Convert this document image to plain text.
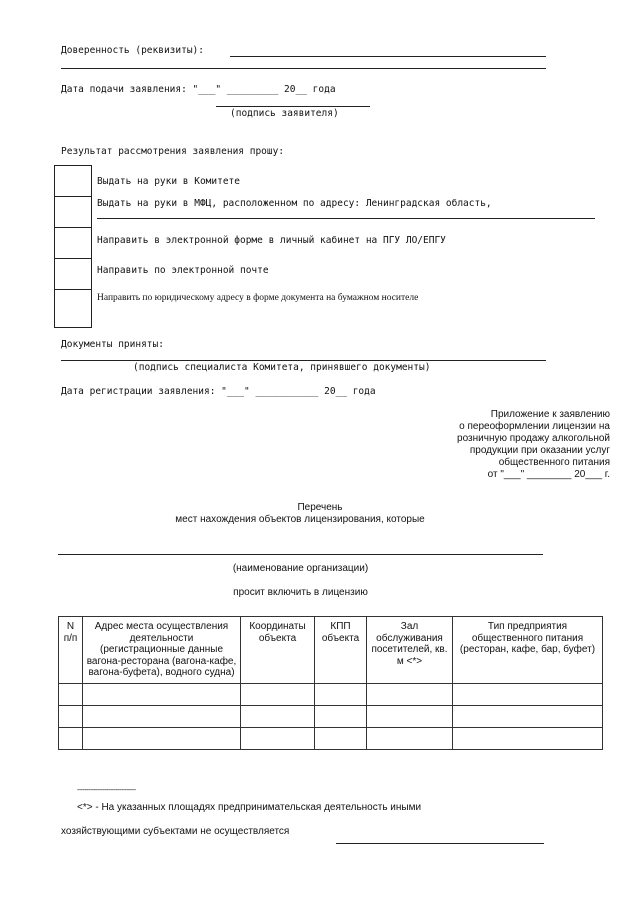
Доверенность (реквизиты):
Дата подачи заявления: "___" _________ 20__ года
(подпись заявителя)
Результат рассмотрения заявления прошу:
Выдать на руки в Комитете
Выдать на руки в МФЦ, расположенном по адресу: Ленинградская область,
Направить в электронной форме в личный кабинет на ПГУ ЛО/ЕПГУ
Направить по электронной почте
Направить по юридическому адресу в форме документа на бумажном носителе
Документы приняты:
(подпись специалиста Комитета, принявшего документы)
Дата регистрации заявления: "___" ___________ 20__ года
Приложение к заявлению
о переоформлении лицензии на
розничную продажу алкогольной
продукции при оказании услуг
общественного питания
от "___" ________ 20___ г.
Перечень
мест нахождения объектов лицензирования, которые
(наименование организации)
просит включить в лицензию
N
п/п	Адрес места осуществления деятельности (регистрационные данные вагона-ресторана (вагона-кафе, вагона-буфета), водного судна)	Координаты объекта	КПП объекта	Зал обслуживания посетителей, кв. м <*>	Тип предприятия общественного питания (ресторан, кафе, бар, буфет)

--------------------------------
<*> - На указанных площадях предпринимательская деятельность иными
хозяйствующими субъектами не осуществляется
